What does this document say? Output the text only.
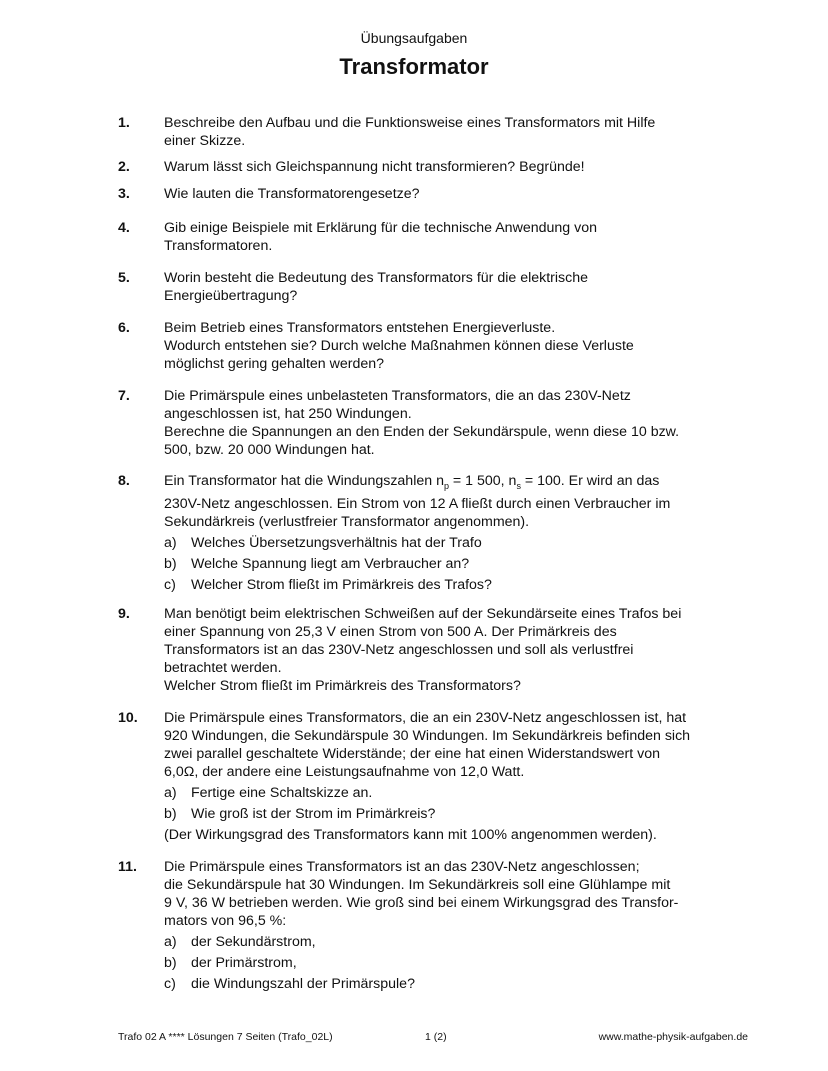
Übungsaufgaben
Transformator
1. Beschreibe den Aufbau und die Funktionsweise eines Transformators mit Hilfe
einer Skizze.
2. Warum lässt sich Gleichspannung nicht transformieren? Begründe!
3. Wie lauten die Transformatorengesetze?
4. Gib einige Beispiele mit Erklärung für die technische Anwendung von
Transformatoren.
5. Worin besteht die Bedeutung des Transformators für die elektrische
Energieübertragung?
6. Beim Betrieb eines Transformators entstehen Energieverluste.
Wodurch entstehen sie? Durch welche Maßnahmen können diese Verluste
möglichst gering gehalten werden?
7. Die Primärspule eines unbelasteten Transformators, die an das 230V-Netz
angeschlossen ist, hat 250 Windungen.
Berechne die Spannungen an den Enden der Sekundärspule, wenn diese 10 bzw.
500, bzw. 20 000 Windungen hat.
8. Ein Transformator hat die Windungszahlen $n_p = 1$ 500, $n_s = 100$. Er wird an das
230V-Netz angeschlossen. Ein Strom von 12 A fließt durch einen Verbraucher im
Sekundärkreis (verlustfreier Transformator angenommen).
a) Welches Übersetzungsverhältnis hat der Trafo
b) Welche Spannung liegt am Verbraucher an?
c) Welcher Strom fließt im Primärkreis des Trafos?
9. Man benötigt beim elektrischen Schweißen auf der Sekundärseite eines Trafos bei
einer Spannung von 25,3 V einen Strom von 500 A. Der Primärkreis des
Transformators ist an das 230V-Netz angeschlossen und soll als verlustfrei
betrachtet werden.
Welcher Strom fließt im Primärkreis des Transformators?
10. Die Primärspule eines Transformators, die an ein 230V-Netz angeschlossen ist, hat
920 Windungen, die Sekundärspule 30 Windungen. Im Sekundärkreis befinden sich
zwei parallel geschaltete Widerstände; der eine hat einen Widerstandswert von
6,0Ω, der andere eine Leistungsaufnahme von 12,0 Watt.
a) Fertige eine Schaltskizze an.
b) Wie groß ist der Strom im Primärkreis?
(Der Wirkungsgrad des Transformators kann mit 100% angenommen werden).
11. Die Primärspule eines Transformators ist an das 230V-Netz angeschlossen;
die Sekundärspule hat 30 Windungen. Im Sekundärkreis soll eine Glühlampe mit
9 V, 36 W betrieben werden. Wie groß sind bei einem Wirkungsgrad des Transfor-
mators von 96,5 %:
a) der Sekundärstrom,
b) der Primärstrom,
c) die Windungszahl der Primärspule?
Trafo 02 A **** Lösungen 7 Seiten (Trafo_02L)	1 (2)	www.mathe-physik-aufgaben.de
